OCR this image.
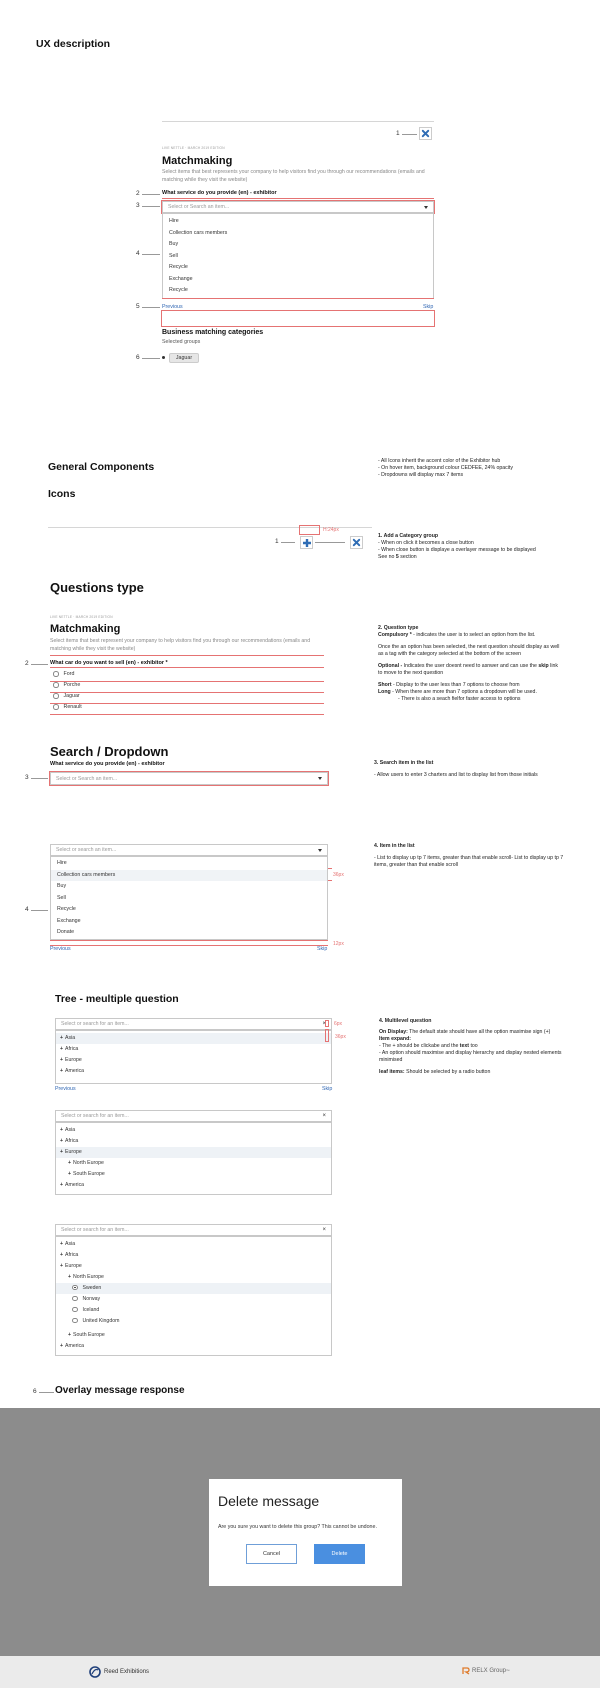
UX description
1
LIVE NETTLE · MARCH 2019 EDITION
Matchmaking
Select items that best represents your company to help visitors find you through our recommendations (emails and matching while they visit the website)
2	What service do you provide (en) - exhibitor
3	Select or Search an item...
Hire
Collection cars members
Buy
Sell
Recycle
Exchange
Recycle
4
5	Previous	Skip
Business matching categories
Selected groups
6	Jaguar
General Components
Icons
- All Icons inherit the accent color of the Exhibitor hub
- On hover item, background colour CEDFEE, 24% opacity
- Dropdowns will display max 7 items
H:24px
1
1. Add a Category group
- When on click it becomes a close button
- When close button is displaye a overlayer message to be displayed
See no 5 section
Questions type
LIVE NETTLE · MARCH 2019 EDITION
Matchmaking
Select items that best represent your company to help visitors find you through our recommendations (emails and matching while they visit the website)
2	What car do you want to sell (en) - exhibitor *
Ford
Porche
Jaguar
Renault
2. Question type
Compulsory * - indicates the user is to select an option from the list.
Once the an option has been selected, the next question should display as well as a tag with the category selected at the bottom of the screen
Optional - Indicates the user doesnt need to asnwer and can use the skip link to move to the next question
Short - Display to the user less than 7 options to choose from
Long - When there are more than 7 options a dropdown will be used.
- There is also a seach fielfor faster access to options
Search / Dropdown
What service do you provide (en) - exhibitor
3	Select or Search an item...
3. Search item in the list
- Allow users to enter 3 charters and list to display list from those initials
Select or search an item...
Hire
Collection cars members
Buy
Sell
Recycle
Exchange
Donate
36px
4
12px
Previous	Skip
4. Item in the list
- List to display up tp 7 items, greater than that enable scroll- List to display up tp 7 items, greater than that enable scroll
Tree - meultiple question
Select or search for an item...	× 6px
+ Asia
+ Africa
+ Europe
+ America
36px
Previous	Skip
4. Multilevel question
On Display: The default state should have all the option maximise sign (+)
Item expand:
- The + should be clickabe and the text too
- An option should maximise and display hierarchy and display nested elements minimised
leaf items: Should be selected by a radio button
Select or search for an item...	×
+ Asia
+ Africa
+ Europe
+ North Europe
+ South Europe
+ America
Select or search for an item...	×
+ Asia
+ Africa
+ Europe
+ North Europe
Sweden
Norway
Iceland
United Kingdom
+ South Europe
+ America
6 Overlay message response
Delete message
Are you sure you want to delete this group? This cannot be undone.
Cancel	Delete
Reed Exhibitions	RELX Group ™
